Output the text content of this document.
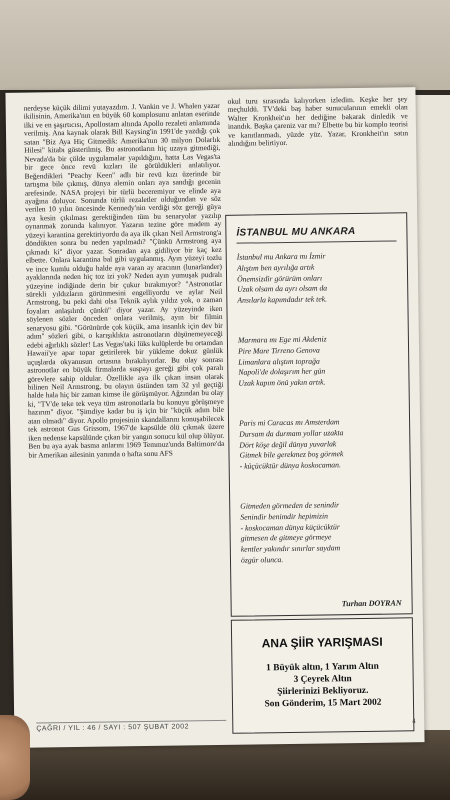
nerdeyse küçük dilimi yutayazdım. J. Vankin ve J. Whalen yazar ikilisinin, Amerika'nın en büyük 60 komplosunu anlatan eserinde ilki ve en şaşırtıcısı, Apollostam altında Apollo rezaleti anlamında verilmiş. Ana kaynak olarak Bill Kaysing'in 1991'de yazdığı çok satan "Biz Aya Hiç Gitmedik: Amerika'nın 30 milyon Dolarlık Hilesi" kitabı gösterilmiş. Bu astronotların hiç uzaya gitmediği, Nevada'da bir çölde uygulamalar yapıldığını, hatta Las Vegas'ta bir gece önce revü kızları ile görüldükleri anlatılıyor. Beğendikleri "Peachy Keen" adlı bir revü kızı üzerinde bir tartışma bile çıkmış, dünya alemin onları aya sandığı gecenin arefesinde. NASA projeyi bir türlü beceremiyor ve elinde aya ayağına doluyor. Sonunda türlü rezaletler olduğundan ve söz verilen 10 yılın öncesinde Kennedy'nin verdiği söz gereği güya aya kesin çıkılması gerektiğinden tüm bu senaryolar yazılıp oynanmak zorunda kalınıyor. Yazarın tezine göre madem ay yüzeyi karantina gerektiriyordu da aya ilk çıkan Neil Armstrong'a döndükten sonra bu neden yapılmadı? "Çünkü Armstrong aya çıkmadı ki" diyor yazar. Sonradan aya gidiliyor bir kaç kez elbette. Onlara karantina bal gibi uygulanmış. Ayın yüzeyi tozlu ve ince kumlu olduğu halde aya varan ay aracının (lunarlander) ayaklarında neden hiç toz izi yok? Neden ayın yumuşak pudralı yüzeyine indiğinde derin bir çukur bırakmıyor? "Astronotlar sürekli yıldızların görünmesini engelliyordu ve aylar Neil Armstrong, bu peki dahi olsa Teknik aylık yıldız yok, o zaman foyaları anlaşılırdı çünkü" diyor yazar. Ay yüzeyinde iken söylenen sözler önceden onlara verilmiş, ayın bir filmin senaryosu gibi. "Görünürde çok küçük, ama insanlık için dev bir adım" sözleri gibi, o karışıklıkta astronotların düşünemeyeceği edebi ağırlıklı sözler! Las Vegas'taki lüks kulüplerde bu ortamdan Hawaii'ye apar topar getirilerek bir yükleme dokuz günlük uçuşlarda okyanusun ortasına bırakılıyorlar. Bu olay sonrası astronotlar en büyük firmalarda suspayı gereği gibi çok paralı görevlere sahip oldular. Özellikle aya ilk çıkan insan olarak bilinen Neil Armstrong, bu olayın üstünden tam 32 yıl geçtiği halde hala hiç bir zaman kimse ile görüşmüyor. Ağzından bu olay ki, "TV'de teke tek veya tüm astronotlarla bu konuyu görüşmeye hazırım" diyor. "Şimdiye kadar bu iş için bir "küçük adım bile atan olmadı" diyor. Apollo projesinin skandallarını konuşabilecek tek astronot Gus Grissom, 1967'de kapsülde ölü çıkmak üzere iken nedense kapsülünde çıkan bir yangın sonucu kül olup ölüyor. Ben bu aya ayak basma anlarını 1969 Temmuz'unda Baltimore'da bir Amerikan ailesinin yanında o hafta sonu AFS
okul turu sırasında kalıyorken izledim. Keşke her şey meçhuldü. TV'deki baş haber sunucularının emekli olan Walter Kronkheit'ın her dediğine bakarak dinledik ve inandık. Başka çareniz var mı? Elbette bu bir komplo teorisi ve kanıtlanmadı, yüzde yüz. Yazar, Kronkheit'ın satın alındığını belirtiyor.
İSTANBUL MU ANKARA
İstanbul mu Ankara mı İzmir
Alıştım ben ayrılığa artık
Önemsizdir görürüm onları
Uzak olsam da ayrı olsam da
Ansılarla kapımdadır tek tek.
Marmara mı Ege mi Akdeniz
Pire Mare Tirreno Genova
Limanlara alıştım toprağa
Napoli'de dolaşırım her gün
Uzak kapım önü yakın artık.
Paris mi Caracas mı Amsterdam
Dursam da durmam yollar uzakta
Dört köşe değil dünya yuvarlak
Gitmek bile gerekmez boş görmek
- küçücüktür dünya koskocaman.
Gitmeden görmeden de senindir
Senindir benimdir hepimizin
- koskocaman dünya küçücüktür
gitmesen de gitmeye görmeye
kentler yakındır sınırlar saydam
özgür olunca.
Turhan DOYRAN
ANA ŞİİR YARIŞMASI
1 Büyük altın, 1 Yarım Altın
3 Çeyrek Altın
Şiirlerinizi Bekliyoruz.
Son Gönderim, 15 Mart 2002
ÇAĞRI / YIL : 46 / SAYI : 507 ŞUBAT 2002
4
